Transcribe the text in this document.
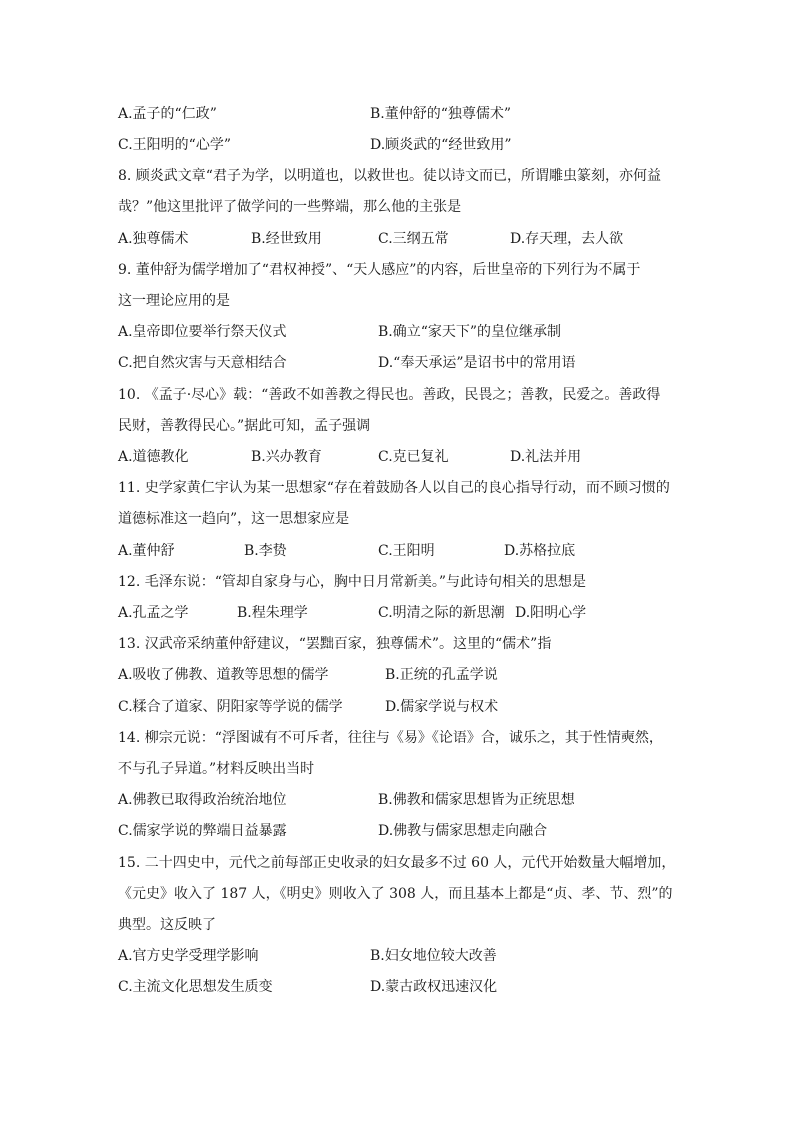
A.孟子的“仁政”	B.董仲舒的“独尊儒术”
C.王阳明的“心学”	D.顾炎武的“经世致用”
8. 顾炎武文章“君子为学，以明道也，以救世也。徒以诗文而已，所谓雕虫篆刻，亦何益
哉？”他这里批评了做学问的一些弊端，那么他的主张是
A.独尊儒术	B.经世致用	C.三纲五常	D.存天理，去人欲
9. 董仲舒为儒学增加了“君权神授”、“天人感应”的内容，后世皇帝的下列行为不属于
这一理论应用的是
A.皇帝即位要举行祭天仪式	B.确立“家天下”的皇位继承制
C.把自然灾害与天意相结合	D.“奉天承运”是诏书中的常用语
10. 《孟子·尽心》载：“善政不如善教之得民也。善政，民畏之；善教，民爱之。善政得
民财，善教得民心。”据此可知，孟子强调
A.道德教化	B.兴办教育	C.克已复礼	D.礼法并用
11. 史学家黄仁宇认为某一思想家“存在着鼓励各人以自己的良心指导行动，而不顾习惯的
道德标准这一趋向”，这一思想家应是
A.董仲舒	B.李贽	C.王阳明	D.苏格拉底
12. 毛泽东说：“管却自家身与心，胸中日月常新美。”与此诗句相关的思想是
A.孔孟之学	B.程朱理学	C.明清之际的新思潮 D.阳明心学
13. 汉武帝采纳董仲舒建议，“罢黜百家，独尊儒术”。这里的“儒术”指
A.吸收了佛教、道教等思想的儒学	B.正统的孔孟学说
C.糅合了道家、阴阳家等学说的儒学	D.儒家学说与权术
14. 柳宗元说：“浮图诚有不可斥者，往往与《易》《论语》合，诚乐之，其于性情奭然，
不与孔子异道。”材料反映出当时
A.佛教已取得政治统治地位	B.佛教和儒家思想皆为正统思想
C.儒家学说的弊端日益暴露	D.佛教与儒家思想走向融合
15. 二十四史中，元代之前每部正史收录的妇女最多不过 60 人，元代开始数量大幅增加，
《元史》收入了 187 人，《明史》则收入了 308 人，而且基本上都是“贞、孝、节、烈”的
典型。这反映了
A.官方史学受理学影响	B.妇女地位较大改善
C.主流文化思想发生质变	D.蒙古政权迅速汉化
